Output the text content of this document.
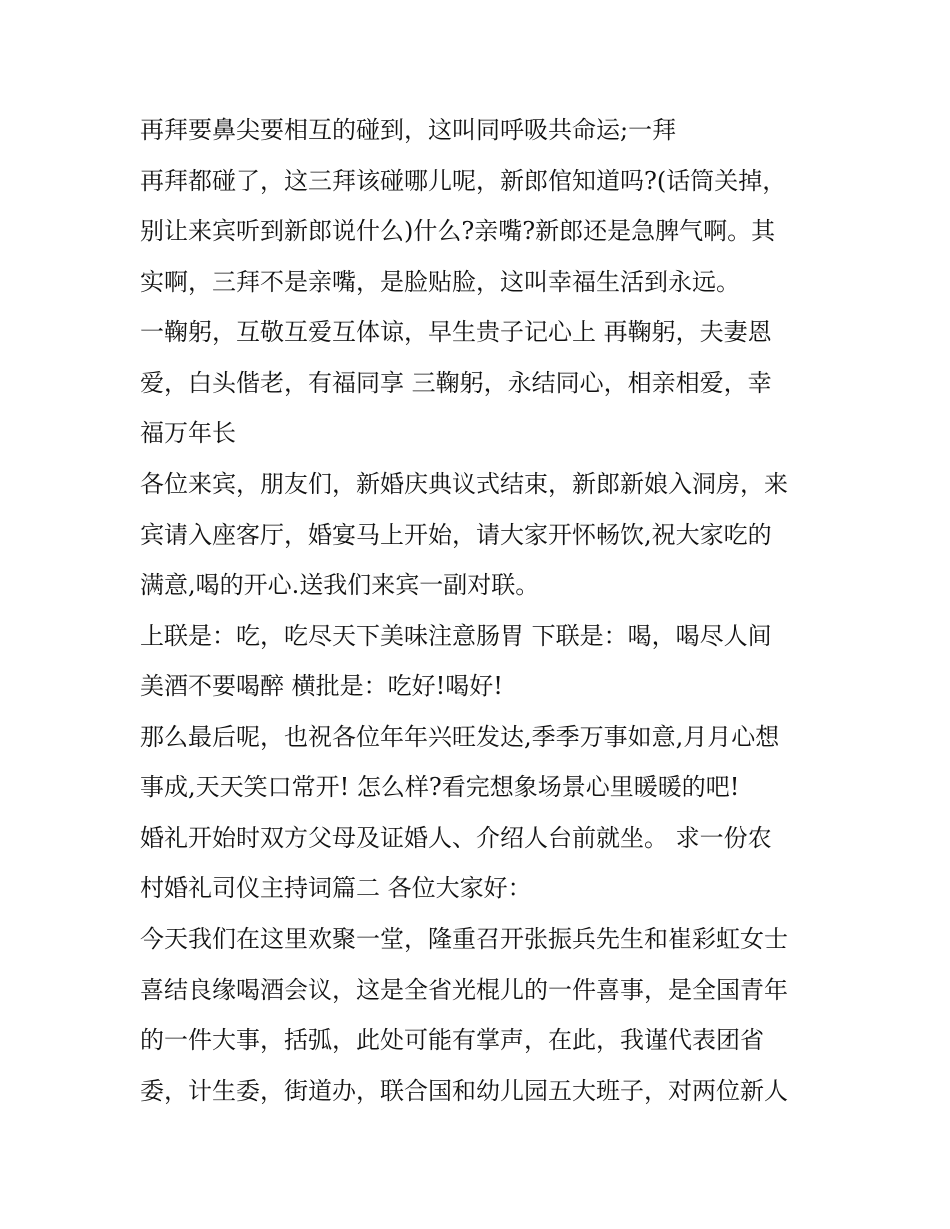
再拜要鼻尖要相互的碰到，这叫同呼吸共命运;一拜
再拜都碰了，这三拜该碰哪儿呢，新郎倌知道吗?(话筒关掉，
别让来宾听到新郎说什么)什么?亲嘴?新郎还是急脾气啊。其
实啊，三拜不是亲嘴，是脸贴脸，这叫幸福生活到永远。
一鞠躬，互敬互爱互体谅，早生贵子记心上 再鞠躬，夫妻恩
爱，白头偕老，有福同享 三鞠躬，永结同心，相亲相爱，幸
福万年长
各位来宾，朋友们，新婚庆典议式结束，新郎新娘入洞房，来
宾请入座客厅，婚宴马上开始，请大家开怀畅饮,祝大家吃的
满意,喝的开心.送我们来宾一副对联。
上联是：吃，吃尽天下美味注意肠胃 下联是：喝，喝尽人间
美酒不要喝醉 横批是：吃好!喝好!
那么最后呢，也祝各位年年兴旺发达,季季万事如意,月月心想
事成,天天笑口常开! 怎么样?看完想象场景心里暖暖的吧!
婚礼开始时双方父母及证婚人、介绍人台前就坐。 求一份农
村婚礼司仪主持词篇二 各位大家好：
今天我们在这里欢聚一堂，隆重召开张振兵先生和崔彩虹女士
喜结良缘喝酒会议，这是全省光棍儿的一件喜事，是全国青年
的一件大事，括弧，此处可能有掌声，在此，我谨代表团省
委，计生委，街道办，联合国和幼儿园五大班子，对两位新人
